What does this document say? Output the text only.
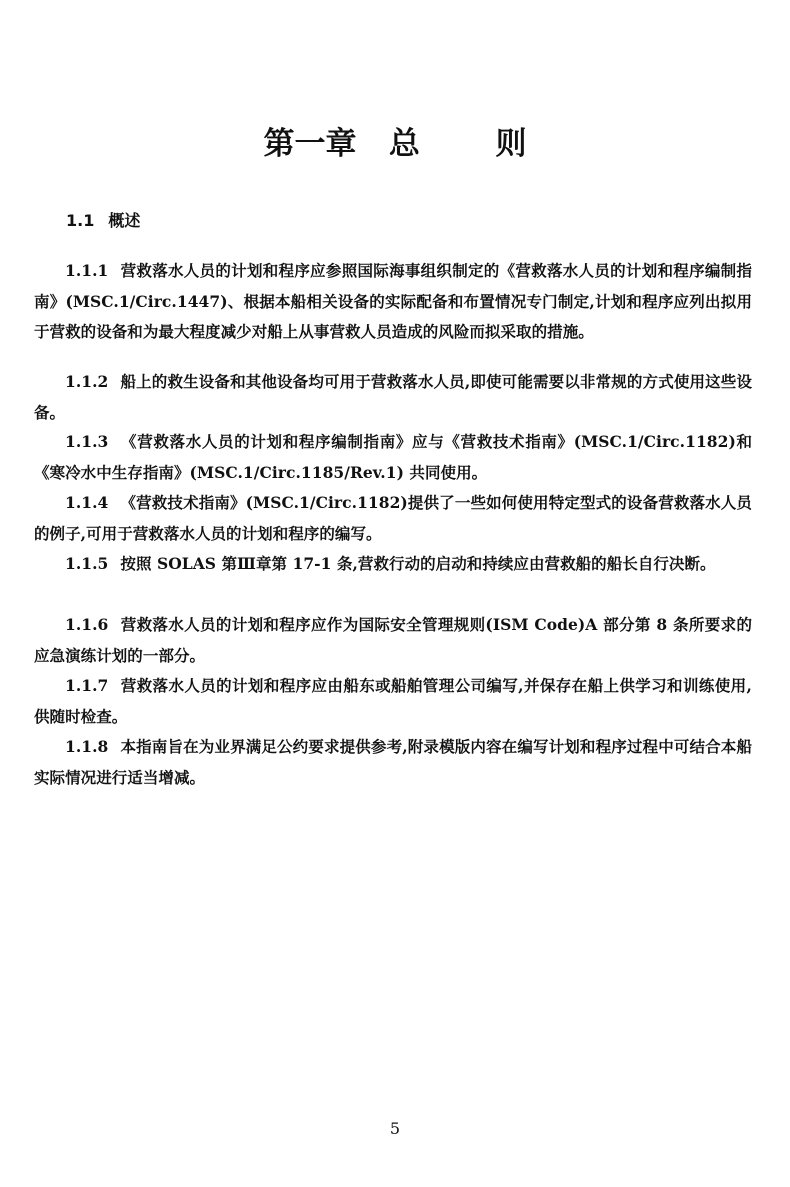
第一章   总       则
1.1 概述

1.1.1 营救落水人员的计划和程序应参照国际海事组织制定的《营救落水人员的计划和程序编制指南》(MSC.1/Circ.1447)、根据本船相关设备的实际配备和布置情况专门制定,计划和程序应列出拟用于营救的设备和为最大程度减少对船上从事营救人员造成的风险而拟采取的措施。

1.1.2 船上的救生设备和其他设备均可用于营救落水人员,即使可能需要以非常规的方式使用这些设备。

1.1.3 《营救落水人员的计划和程序编制指南》应与《营救技术指南》(MSC.1/Circ.1182)和《寒冷水中生存指南》(MSC.1/Circ.1185/Rev.1) 共同使用。

1.1.4 《营救技术指南》(MSC.1/Circ.1182)提供了一些如何使用特定型式的设备营救落水人员的例子,可用于营救落水人员的计划和程序的编写。

1.1.5 按照 SOLAS 第Ⅲ章第 17-1 条,营救行动的启动和持续应由营救船的船长自行决断。

1.1.6 营救落水人员的计划和程序应作为国际安全管理规则(ISM Code)A 部分第 8 条所要求的应急演练计划的一部分。

1.1.7 营救落水人员的计划和程序应由船东或船舶管理公司编写,并保存在船上供学习和训练使用,供随时检查。

1.1.8 本指南旨在为业界满足公约要求提供参考,附录模版内容在编写计划和程序过程中可结合本船实际情况进行适当增减。

5
